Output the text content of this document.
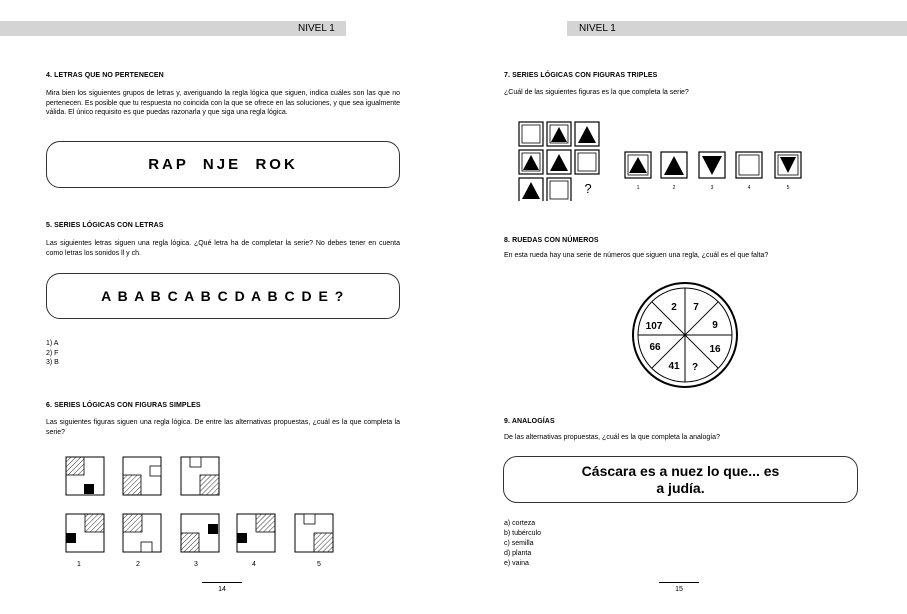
NIVEL 1
4. LETRAS QUE NO PERTENECEN
Mira bien los siguientes grupos de letras y, averiguando la regla lógica que siguen, indica cuáles son las que no pertenecen. Es posible que tu respuesta no coincida con la que se ofrece en las soluciones, y que sea igualmente válida. El único requisito es que puedas razonarla y que siga una regla lógica.
RAP  NJE  ROK
5. SERIES LÓGICAS CON LETRAS
Las siguientes letras siguen una regla lógica. ¿Qué letra ha de completar la serie? No debes tener en cuenta como letras los sonidos ll y ch.
A B A B C A B C D A B C D E ?
1) A
2) F
3) B
6. SERIES LÓGICAS CON FIGURAS SIMPLES
Las siguientes figuras siguen una regla lógica. De entre las alternativas propuestas, ¿cuál es la que completa la serie?
1	2	3	4	5
14
NIVEL 1
7. SERIES LÓGICAS CON FIGURAS TRIPLES
¿Cuál de las siguientes figuras es la que completa la serie?
?	1	2	3	4	5
8. RUEDAS CON NÚMEROS
En esta rueda hay una serie de números que siguen una regla, ¿cuál es el que falta?
2 7
9
16
?
41
66
107
9. ANALOGÍAS
De las alternativas propuestas, ¿cuál es la que completa la analogía?
Cáscara es a nuez lo que... es
a judía.
a) corteza
b) tubérculo
c) semilla
d) planta
e) vaina
15
